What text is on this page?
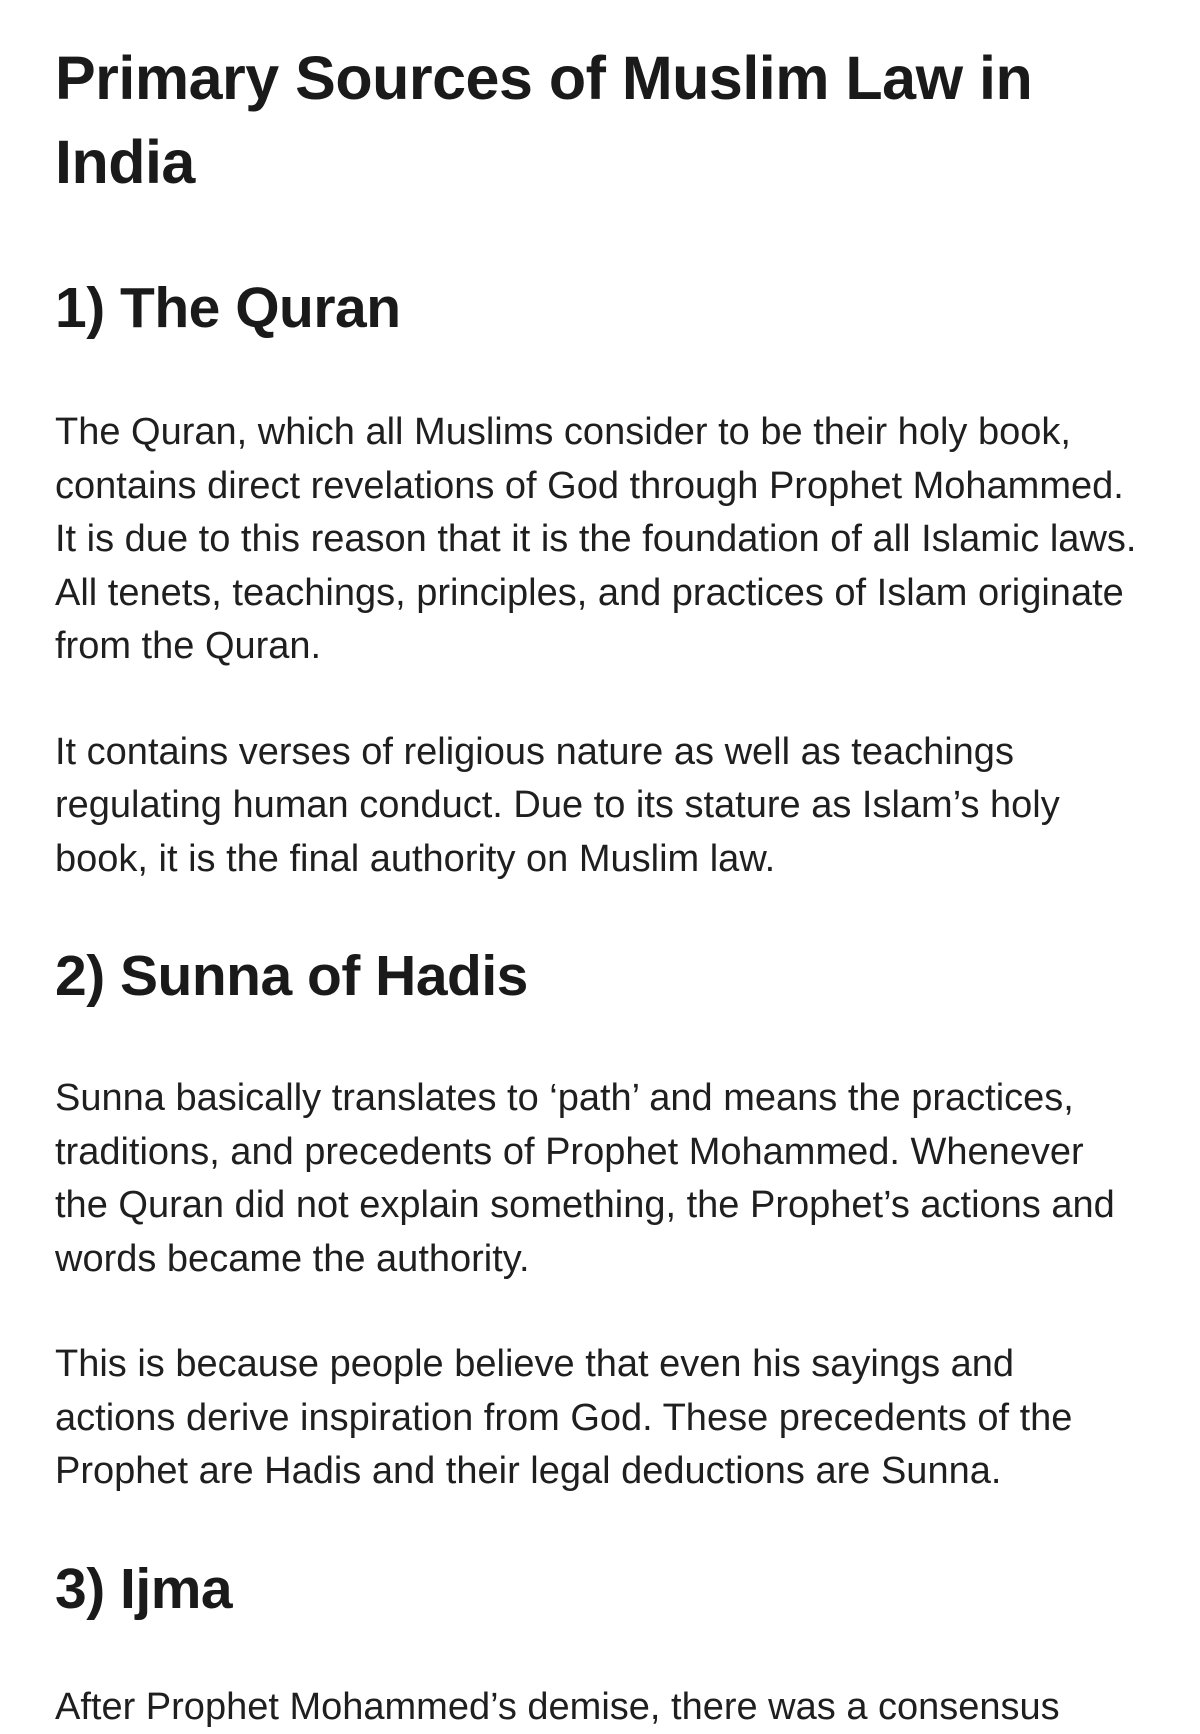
Primary Sources of Muslim Law in India
1) The Quran

The Quran, which all Muslims consider to be their holy book, contains direct revelations of God through Prophet Mohammed. It is due to this reason that it is the foundation of all Islamic laws. All tenets, teachings, principles, and practices of Islam originate from the Quran.

It contains verses of religious nature as well as teachings regulating human conduct. Due to its stature as Islam’s holy book, it is the final authority on Muslim law.

2) Sunna of Hadis

Sunna basically translates to ‘path’ and means the practices, traditions, and precedents of Prophet Mohammed. Whenever the Quran did not explain something, the Prophet’s actions and words became the authority.

This is because people believe that even his sayings and actions derive inspiration from God. These precedents of the Prophet are Hadis and their legal deductions are Sunna.

3) Ijma

After Prophet Mohammed’s demise, there was a consensus
